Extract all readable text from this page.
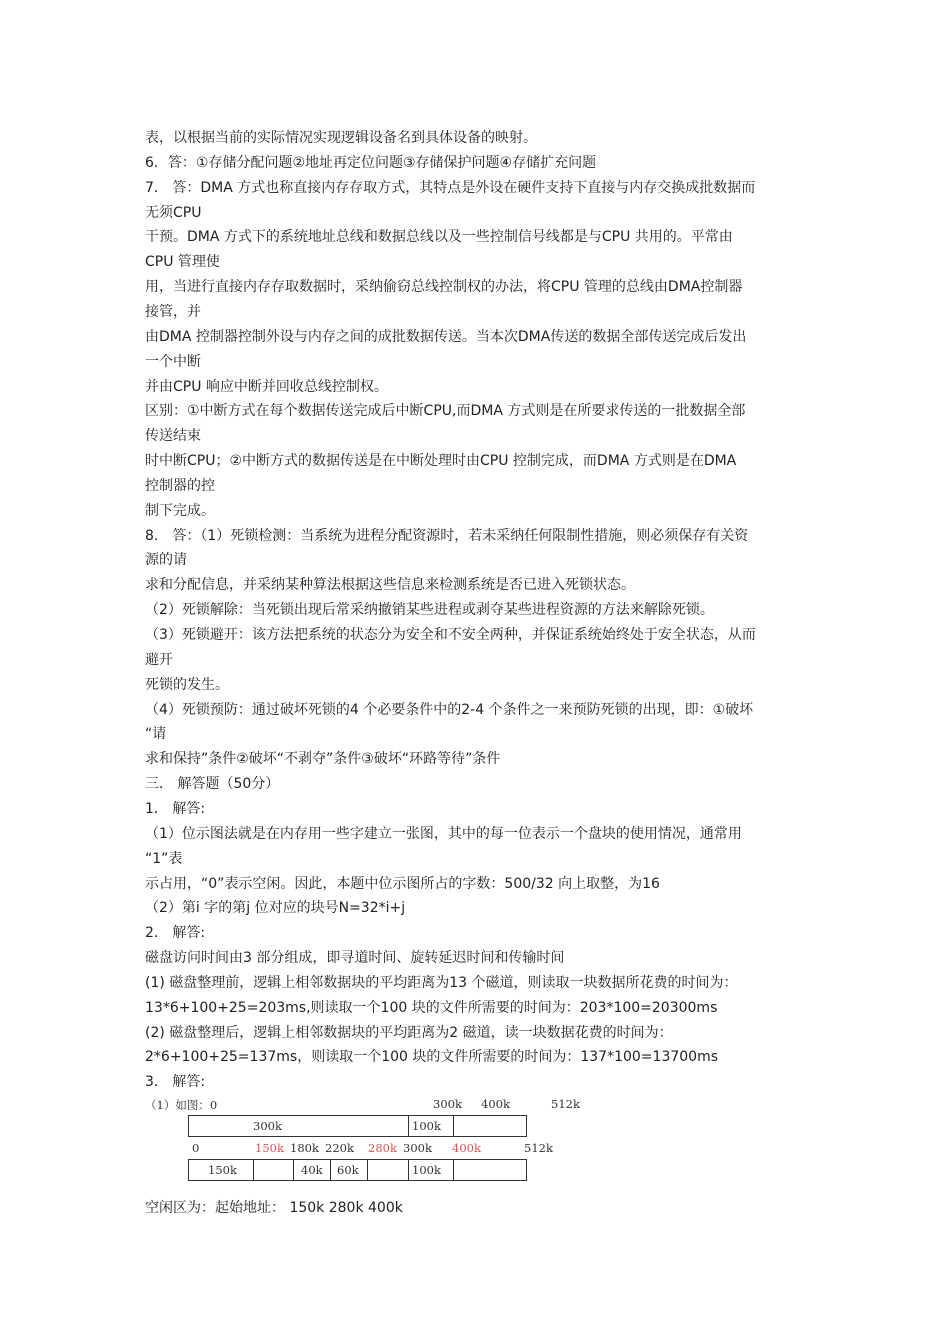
表，以根据当前的实际情况实现逻辑设备名到具体设备的映射。
6．答：①存储分配问题②地址再定位问题③存储保护问题④存储扩充问题
7． 答：DMA 方式也称直接内存存取方式，其特点是外设在硬件支持下直接与内存交换成批数据而
无须CPU
干预。DMA 方式下的系统地址总线和数据总线以及一些控制信号线都是与CPU 共用的。平常由
CPU 管理使
用，当进行直接内存存取数据时，采纳偷窃总线控制权的办法，将CPU 管理的总线由DMA控制器
接管，并
由DMA 控制器控制外设与内存之间的成批数据传送。当本次DMA传送的数据全部传送完成后发出
一个中断
并由CPU 响应中断并回收总线控制权。
区别：①中断方式在每个数据传送完成后中断CPU,而DMA 方式则是在所要求传送的一批数据全部
传送结束
时中断CPU；②中断方式的数据传送是在中断处理时由CPU 控制完成，而DMA 方式则是在DMA
控制器的控
制下完成。
8． 答：（1）死锁检测：当系统为进程分配资源时，若未采纳任何限制性措施，则必须保存有关资
源的请
求和分配信息，并采纳某种算法根据这些信息来检测系统是否已进入死锁状态。
（2）死锁解除：当死锁出现后常采纳撤销某些进程或剥夺某些进程资源的方法来解除死锁。
（3）死锁避开：该方法把系统的状态分为安全和不安全两种，并保证系统始终处于安全状态，从而
避开
死锁的发生。
（4）死锁预防：通过破坏死锁的4 个必要条件中的2-4 个条件之一来预防死锁的出现，即：①破坏
“请
求和保持”条件②破坏“不剥夺”条件③破坏“环路等待”条件
三． 解答题（50分）
1． 解答:
（1）位示图法就是在内存用一些字建立一张图，其中的每一位表示一个盘块的使用情况，通常用
“1”表
示占用，“0”表示空闲。因此，本题中位示图所占的字数：500/32 向上取整，为16
（2）第i 字的第j 位对应的块号N=32*i+j
2． 解答:
磁盘访问时间由3 部分组成，即寻道时间、旋转延迟时间和传输时间
(1) 磁盘整理前，逻辑上相邻数据块的平均距离为13 个磁道，则读取一块数据所花费的时间为：
13*6+100+25=203ms,则读取一个100 块的文件所需要的时间为：203*100=20300ms
(2) 磁盘整理后，逻辑上相邻数据块的平均距离为2 磁道，读一块数据花费的时间为：
2*6+100+25=137ms，则读取一个100 块的文件所需要的时间为：137*100=13700ms
3． 解答:
（1）如图：0	300k 400k	512k
300k	100k
0	150k 180k 220k 280k 300k 400k	512k
150k	40k 60k	100k
空闲区为：起始地址： 150k 280k 400k
